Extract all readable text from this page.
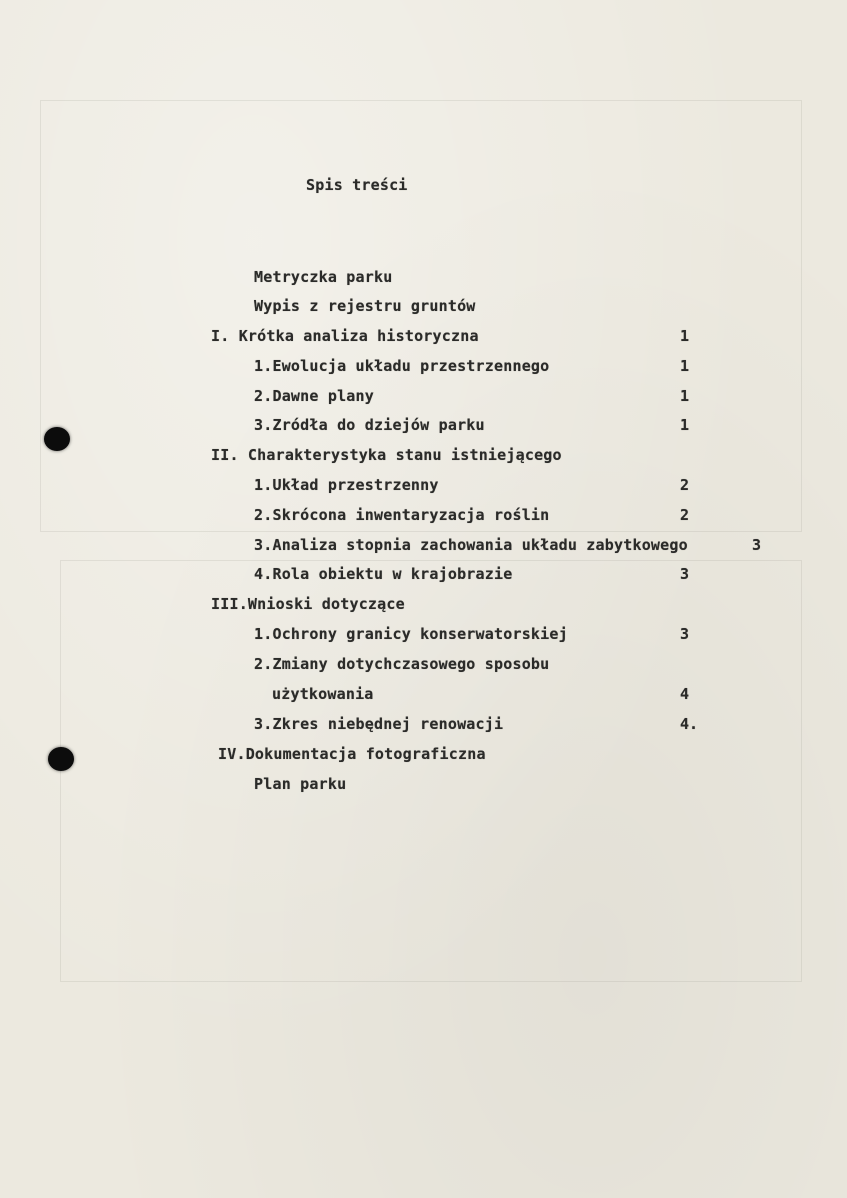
Spis treści
Metryczka parku
Wypis z rejestru gruntów
I. Krótka analiza historyczna	1
1.Ewolucja układu przestrzennego	1
2.Dawne plany	1
3.Zródła do dziejów parku	1
II. Charakterystyka stanu istniejącego
1.Układ przestrzenny	2
2.Skrócona inwentaryzacja roślin	2
3.Analiza stopnia zachowania układu zabytkowego	3
4.Rola obiektu w krajobrazie	3
III.Wnioski dotyczące
1.Ochrony granicy konserwatorskiej	3
2.Zmiany dotychczasowego sposobu
użytkowania	4
3.Zkres niebędnej renowacji	4.
IV.Dokumentacja fotograficzna
Plan parku
